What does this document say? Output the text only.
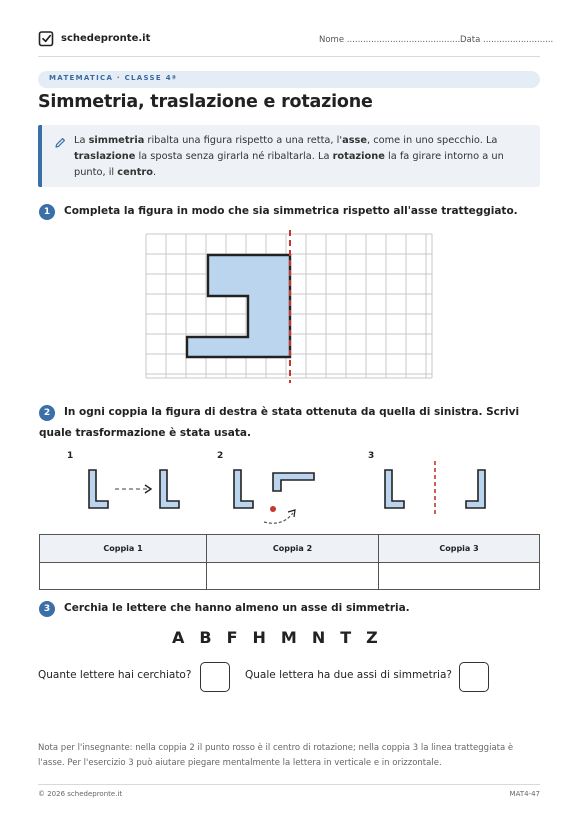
schedepronte.it	Nome .......................................... Data ..........................
MATEMATICA · CLASSE 4ª
Simmetria, traslazione e rotazione
La simmetria ribalta una figura rispetto a una retta, l'asse, come in uno specchio. La traslazione la sposta senza girarla né ribaltarla. La rotazione la fa girare intorno a un punto, il centro.
1	Completa la figura in modo che sia simmetrica rispetto all'asse tratteggiato.
2	In ogni coppia la figura di destra è stata ottenuta da quella di sinistra. Scrivi quale trasformazione è stata usata.
1	2	3
Coppia 1	Coppia 2	Coppia 3

3	Cerchia le lettere che hanno almeno un asse di simmetria.
A B F H M N T Z
Quante lettere hai cerchiato?	Quale lettera ha due assi di simmetria?
Nota per l'insegnante: nella coppia 2 il punto rosso è il centro di rotazione; nella coppia 3 la linea tratteggiata è l'asse. Per l'esercizio 3 può aiutare piegare mentalmente la lettera in verticale e in orizzontale.
© 2026 schedepronte.it	MAT4-47
